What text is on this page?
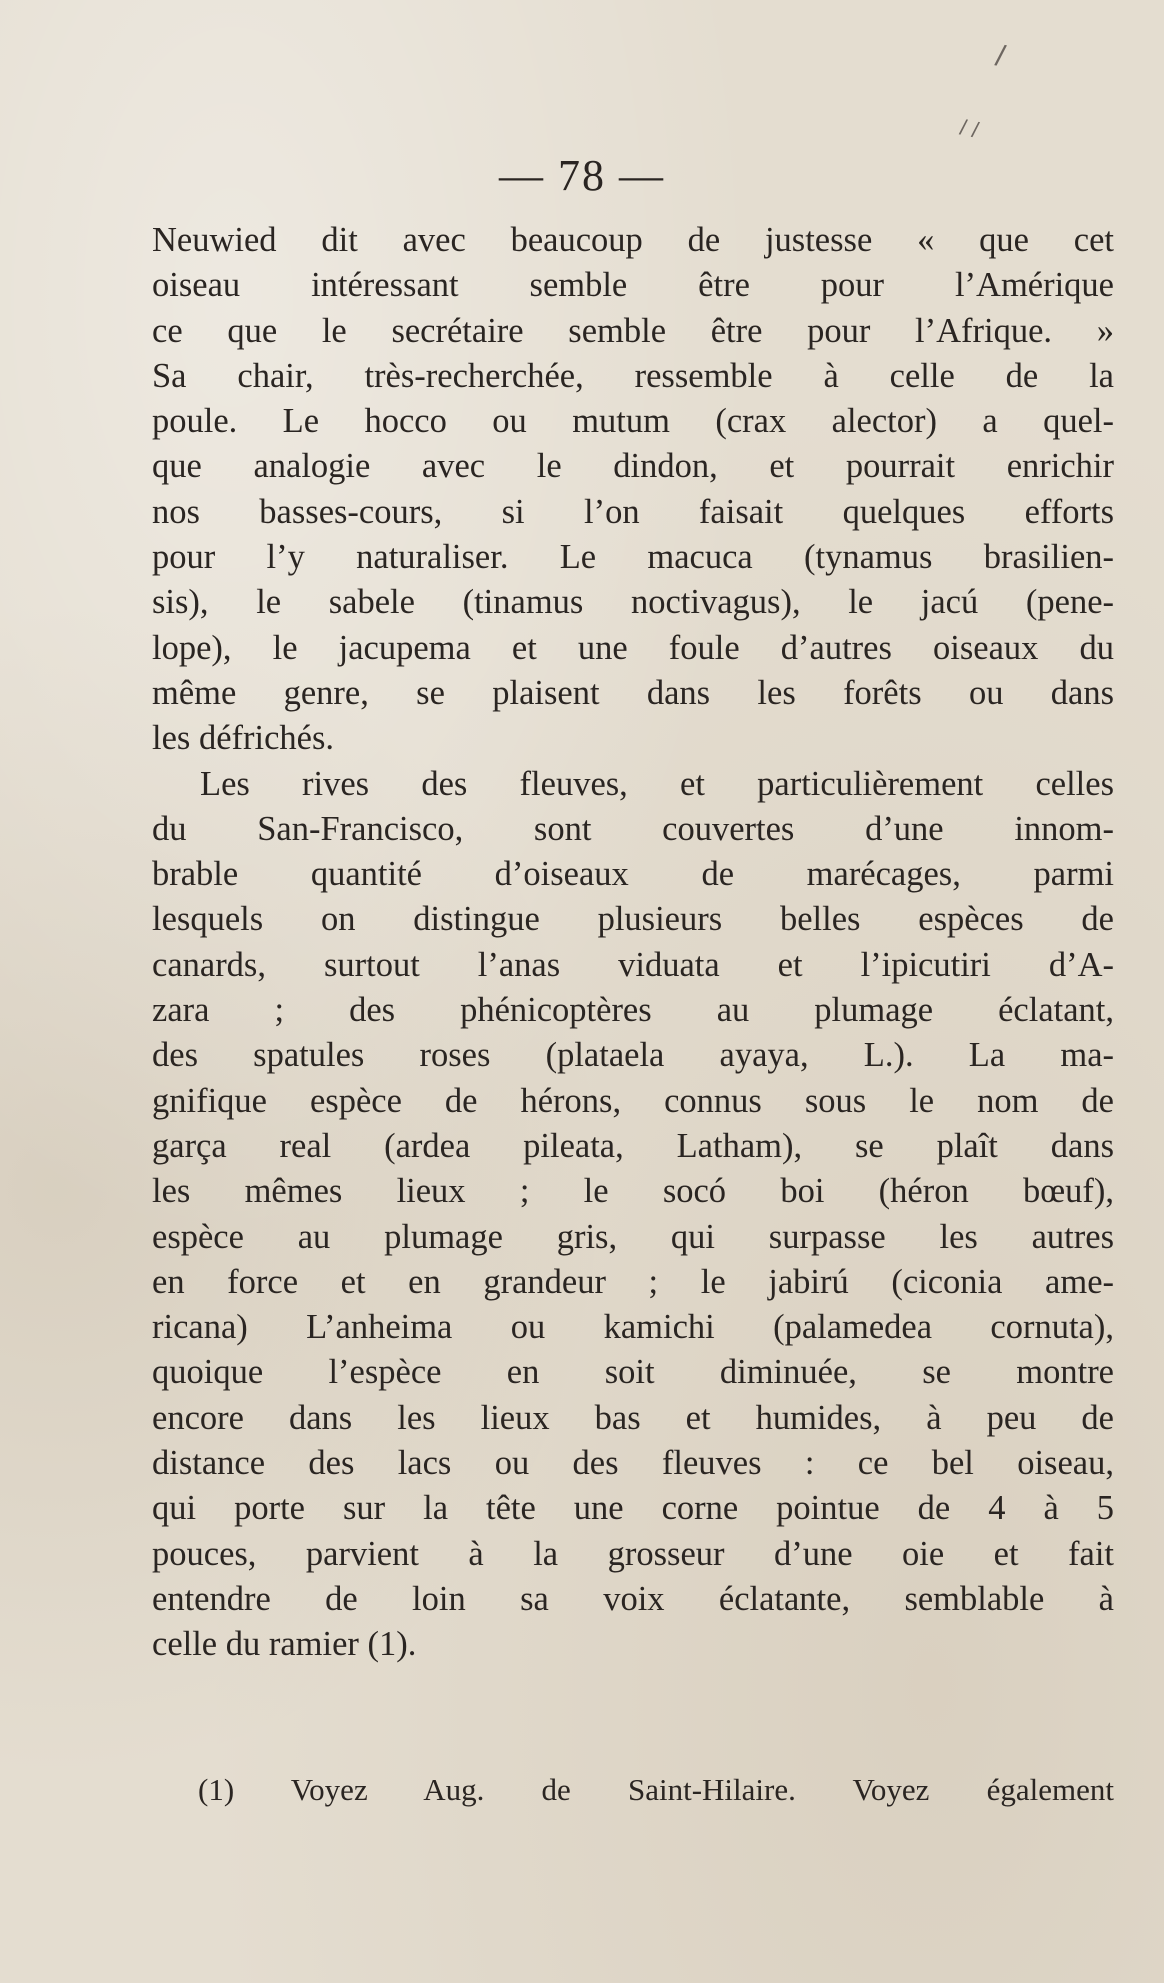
/
/ /
— 78 —
Neuwied dit avec beaucoup de justesse « que cet
oiseau intéressant semble être pour l’Amérique
ce que le secrétaire semble être pour l’Afrique. »
Sa chair, très-recherchée, ressemble à celle de la
poule. Le hocco ou mutum (crax alector) a quel-
que analogie avec le dindon, et pourrait enrichir
nos basses-cours, si l’on faisait quelques efforts
pour l’y naturaliser. Le macuca (tynamus brasilien-
sis), le sabele (tinamus noctivagus), le jacú (pene-
lope), le jacupema et une foule d’autres oiseaux du
même genre, se plaisent dans les forêts ou dans
les défrichés.
Les rives des fleuves, et particulièrement celles
du San-Francisco, sont couvertes d’une innom-
brable quantité d’oiseaux de marécages, parmi
lesquels on distingue plusieurs belles espèces de
canards, surtout l’anas viduata et l’ipicutiri d’A-
zara ; des phénicoptères au plumage éclatant,
des spatules roses (plataela ayaya, L.). La ma-
gnifique espèce de hérons, connus sous le nom de
garça real (ardea pileata, Latham), se plaît dans
les mêmes lieux ; le socó boi (héron bœuf),
espèce au plumage gris, qui surpasse les autres
en force et en grandeur ; le jabirú (ciconia ame-
ricana) L’anheima ou kamichi (palamedea cornuta),
quoique l’espèce en soit diminuée, se montre
encore dans les lieux bas et humides, à peu de
distance des lacs ou des fleuves : ce bel oiseau,
qui porte sur la tête une corne pointue de 4 à 5
pouces, parvient à la grosseur d’une oie et fait
entendre de loin sa voix éclatante, semblable à
celle du ramier (1).
(1) Voyez Aug. de Saint-Hilaire. Voyez également
